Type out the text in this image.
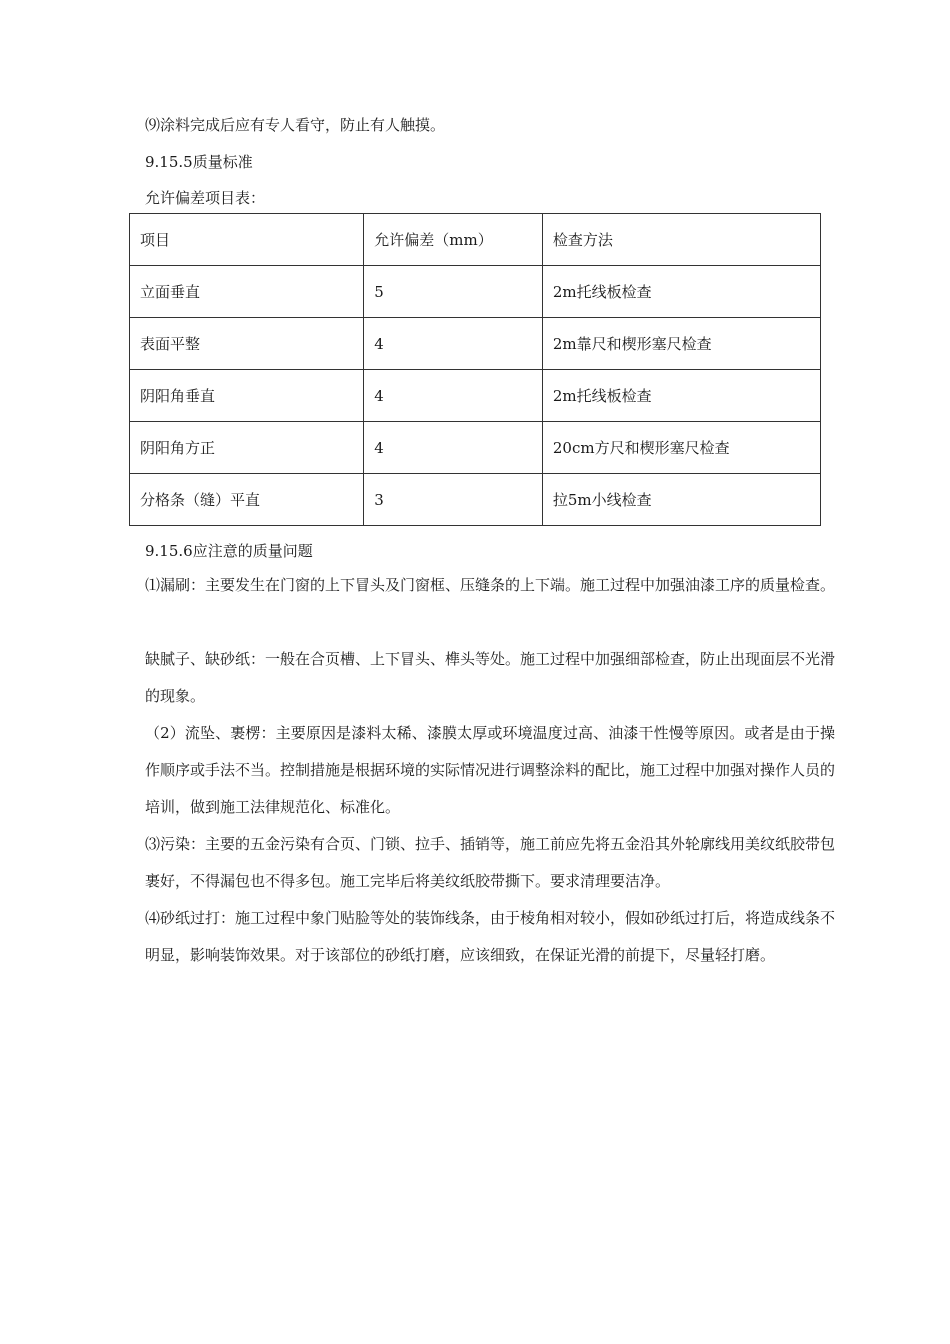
⑼涂料完成后应有专人看守，防止有人触摸。
9.15.5质量标准
允许偏差项目表：
项目	允许偏差（mm）	检查方法
立面垂直	5	2m托线板检查
表面平整	4	2m靠尺和楔形塞尺检查
阴阳角垂直	4	2m托线板检查
阴阳角方正	4	20cm方尺和楔形塞尺检查
分格条（缝）平直	3	拉5m小线检查
9.15.6应注意的质量问题
⑴漏刷：主要发生在门窗的上下冒头及门窗框、压缝条的上下端。施工过程中加强油漆工序的质量检查。
缺腻子、缺砂纸：一般在合页槽、上下冒头、榫头等处。施工过程中加强细部检查，防止出现面层不光滑的现象。
（2）流坠、裹楞：主要原因是漆料太稀、漆膜太厚或环境温度过高、油漆干性慢等原因。或者是由于操作顺序或手法不当。控制措施是根据环境的实际情况进行调整涂料的配比，施工过程中加强对操作人员的培训，做到施工法律规范化、标准化。
⑶污染：主要的五金污染有合页、门锁、拉手、插销等，施工前应先将五金沿其外轮廓线用美纹纸胶带包裹好，不得漏包也不得多包。施工完毕后将美纹纸胶带撕下。要求清理要洁净。
⑷砂纸过打：施工过程中象门贴脸等处的装饰线条，由于棱角相对较小，假如砂纸过打后，将造成线条不明显，影响装饰效果。对于该部位的砂纸打磨，应该细致，在保证光滑的前提下，尽量轻打磨。
